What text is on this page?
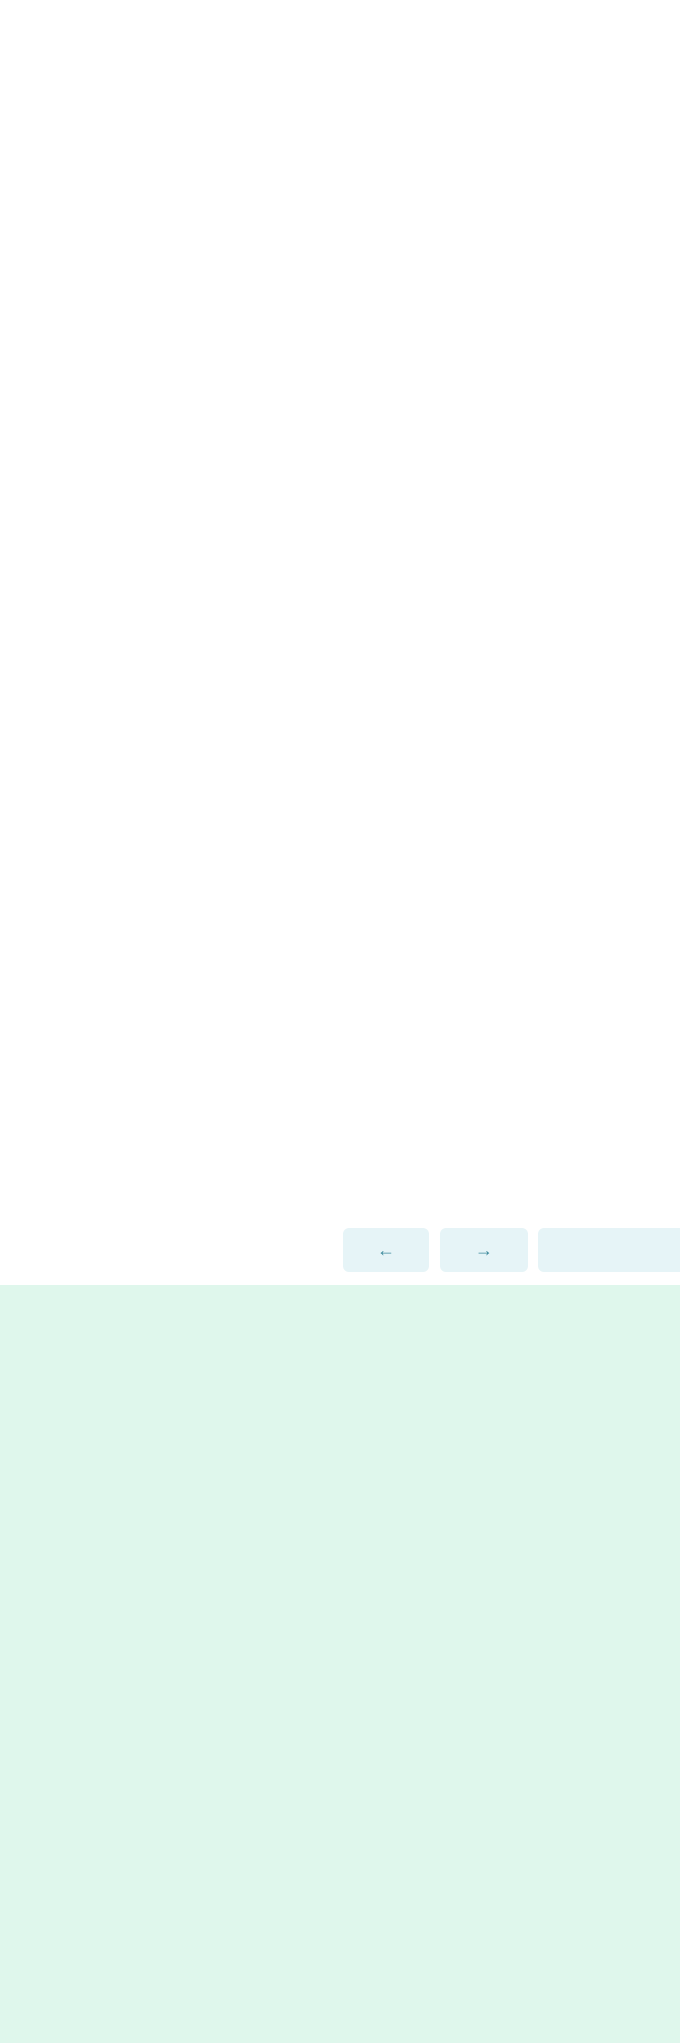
←	→
